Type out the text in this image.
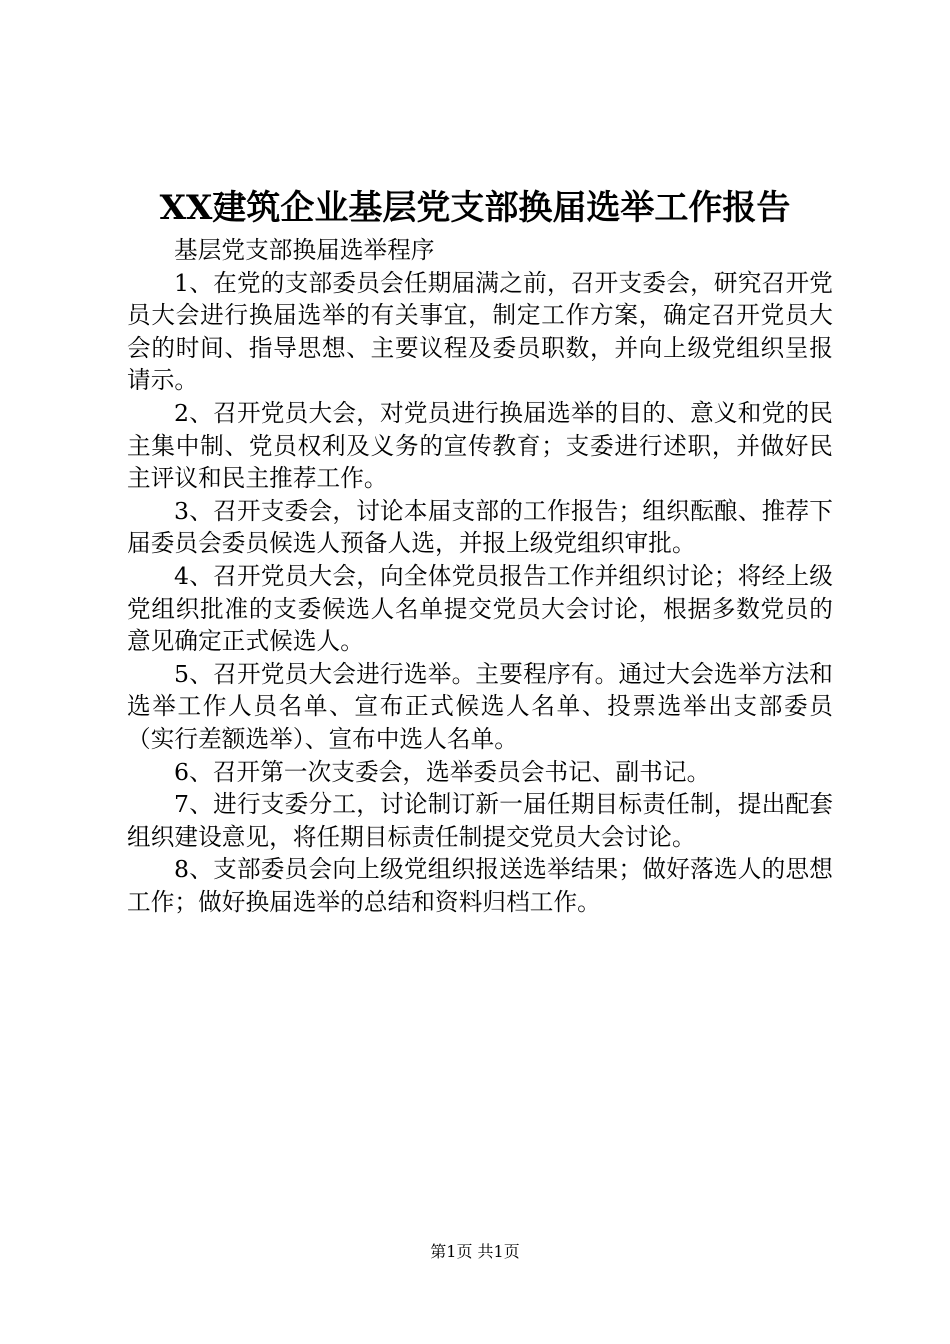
XX建筑企业基层党支部换届选举工作报告

基层党支部换届选举程序

1、在党的支部委员会任期届满之前，召开支委会，研究召开党员大会进行换届选举的有关事宜，制定工作方案，确定召开党员大会的时间、指导思想、主要议程及委员职数，并向上级党组织呈报请示。

2、召开党员大会，对党员进行换届选举的目的、意义和党的民主集中制、党员权利及义务的宣传教育；支委进行述职，并做好民主评议和民主推荐工作。

3、召开支委会，讨论本届支部的工作报告；组织酝酿、推荐下届委员会委员候选人预备人选，并报上级党组织审批。

4、召开党员大会，向全体党员报告工作并组织讨论；将经上级党组织批准的支委候选人名单提交党员大会讨论，根据多数党员的意见确定正式候选人。

5、召开党员大会进行选举。主要程序有。通过大会选举方法和选举工作人员名单、宣布正式候选人名单、投票选举出支部委员（实行差额选举）、宣布中选人名单。

6、召开第一次支委会，选举委员会书记、副书记。

7、进行支委分工，讨论制订新一届任期目标责任制，提出配套组织建设意见，将任期目标责任制提交党员大会讨论。

8、支部委员会向上级党组织报送选举结果；做好落选人的思想工作；做好换届选举的总结和资料归档工作。

第1页 共1页
